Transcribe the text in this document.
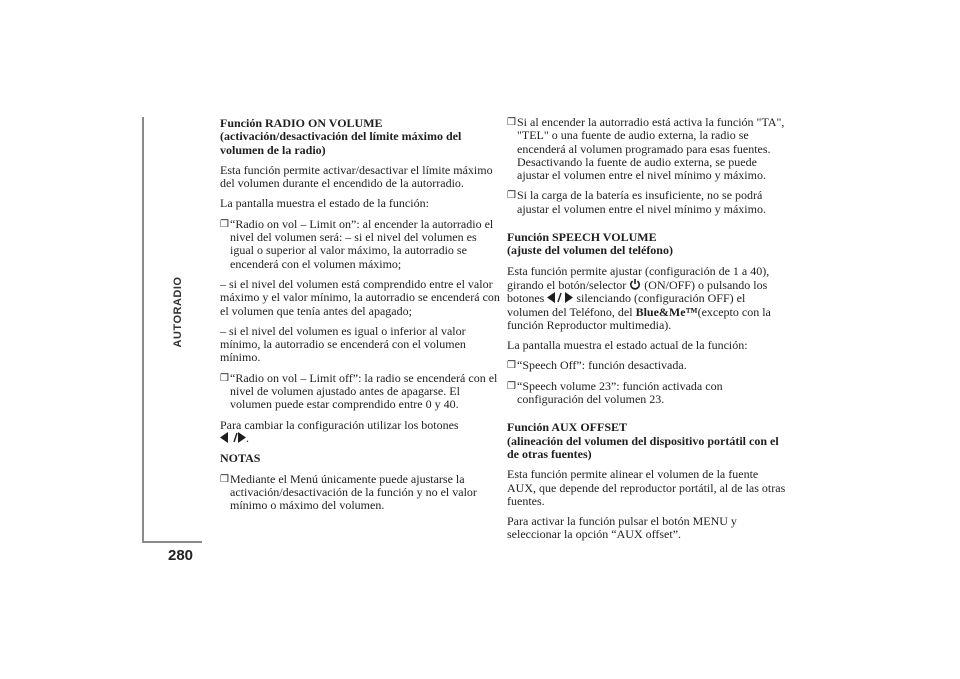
AUTORADIO
280
Función RADIO ON VOLUME
(activación/desactivación del límite máximo del volumen de la radio)
Esta función permite activar/desactivar el límite máximo del volumen durante el encendido de la autorradio.
La pantalla muestra el estado de la función:
❒ “Radio on vol – Limit on”: al encender la autorradio el nivel del volumen será: – si el nivel del volumen es igual o superior al valor máximo, la autorradio se encenderá con el volumen máximo;
– si el nivel del volumen está comprendido entre el valor máximo y el valor mínimo, la autorradio se encenderá con el volumen que tenía antes del apagado;
– si el nivel del volumen es igual o inferior al valor mínimo, la autorradio se encenderá con el volumen mínimo.
❒ “Radio on vol – Limit off”: la radio se encenderá con el nivel de volumen ajustado antes de apagarse. El volumen puede estar comprendido entre 0 y 40.
Para cambiar la configuración utilizar los botones
.
NOTAS
❒ Mediante el Menú únicamente puede ajustarse la activación/desactivación de la función y no el valor mínimo o máximo del volumen.
❒ Si al encender la autorradio está activa la función "TA", "TEL" o una fuente de audio externa, la radio se encenderá al volumen programado para esas fuentes. Desactivando la fuente de audio externa, se puede ajustar el volumen entre el nivel mínimo y máximo.
❒ Si la carga de la batería es insuficiente, no se podrá ajustar el volumen entre el nivel mínimo y máximo.
Función SPEECH VOLUME
(ajuste del volumen del teléfono)
Esta función permite ajustar (configuración de 1 a 40), girando el botón/selector (ON/OFF) o pulsando los botones	silenciando (configuración OFF) el volumen del Teléfono, del Blue&Me™(excepto con la función Reproductor multimedia).
La pantalla muestra el estado actual de la función:
❒ “Speech Off”: función desactivada.
❒ “Speech volume 23”: función activada con configuración del volumen 23.
Función AUX OFFSET
(alineación del volumen del dispositivo portátil con el de otras fuentes)
Esta función permite alinear el volumen de la fuente AUX, que depende del reproductor portátil, al de las otras fuentes.
Para activar la función pulsar el botón MENU y seleccionar la opción “AUX offset”.
